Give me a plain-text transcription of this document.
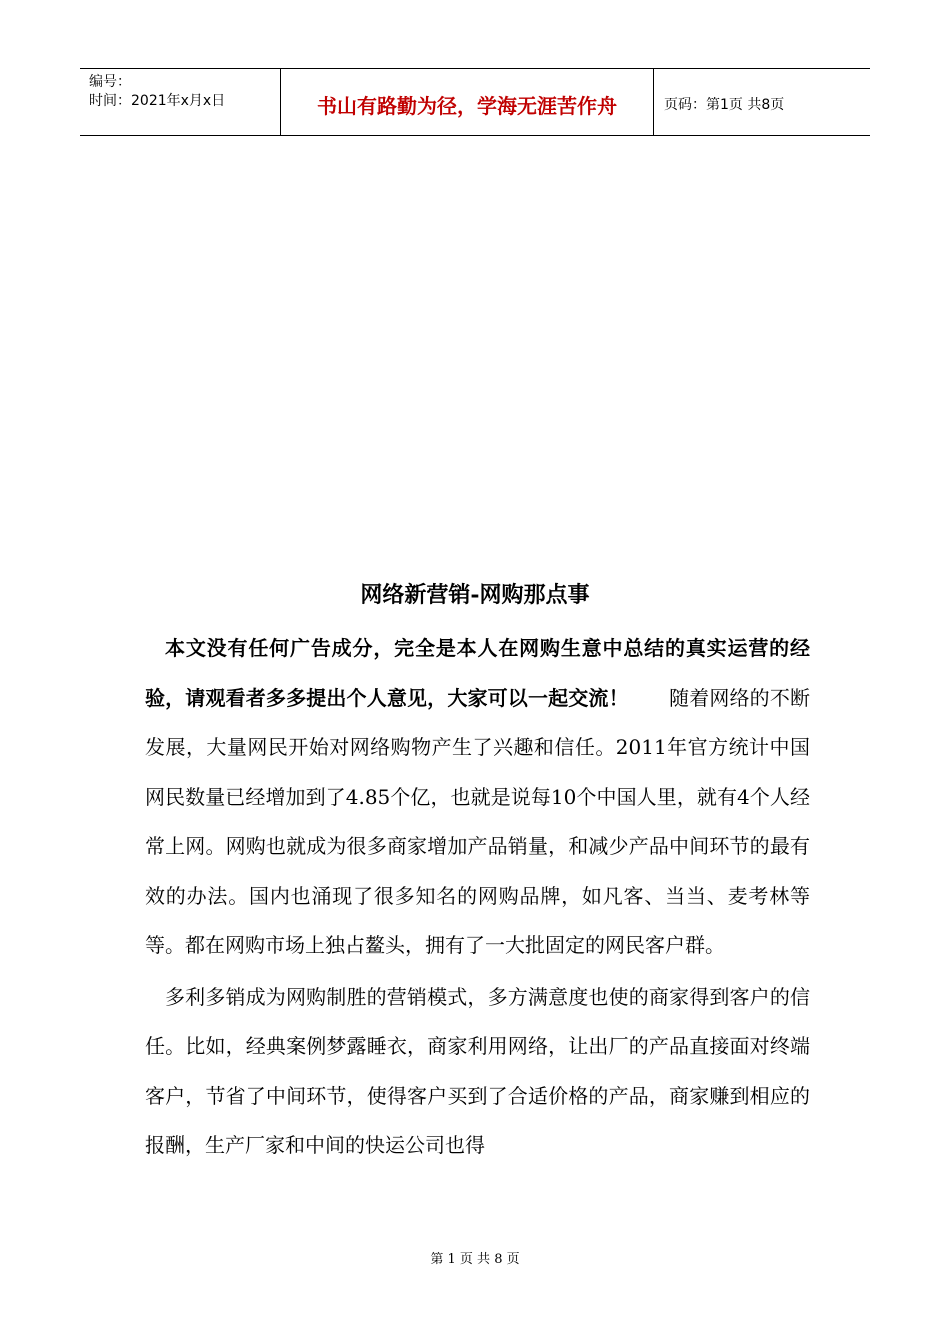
编号：
时间：2021年x月x日	书山有路勤为径，学海无涯苦作舟	页码：第1页 共8页
网络新营销-网购那点事

本文没有任何广告成分，完全是本人在网购生意中总结的真实运营的经验，请观看者多多提出个人意见，大家可以一起交流！　　 随着网络的不断发展，大量网民开始对网络购物产生了兴趣和信任。2011年官方统计中国网民数量已经增加到了4.85个亿，也就是说每10个中国人里，就有4个人经常上网。网购也就成为很多商家增加产品销量，和减少产品中间环节的最有效的办法。国内也涌现了很多知名的网购品牌，如凡客、当当、麦考林等等。都在网购市场上独占鳌头，拥有了一大批固定的网民客户群。

多利多销成为网购制胜的营销模式，多方满意度也使的商家得到客户的信任。比如，经典案例梦露睡衣，商家利用网络，让出厂的产品直接面对终端客户，节省了中间环节，使得客户买到了合适价格的产品，商家赚到相应的报酬，生产厂家和中间的快运公司也得

第 1 页 共 8 页
